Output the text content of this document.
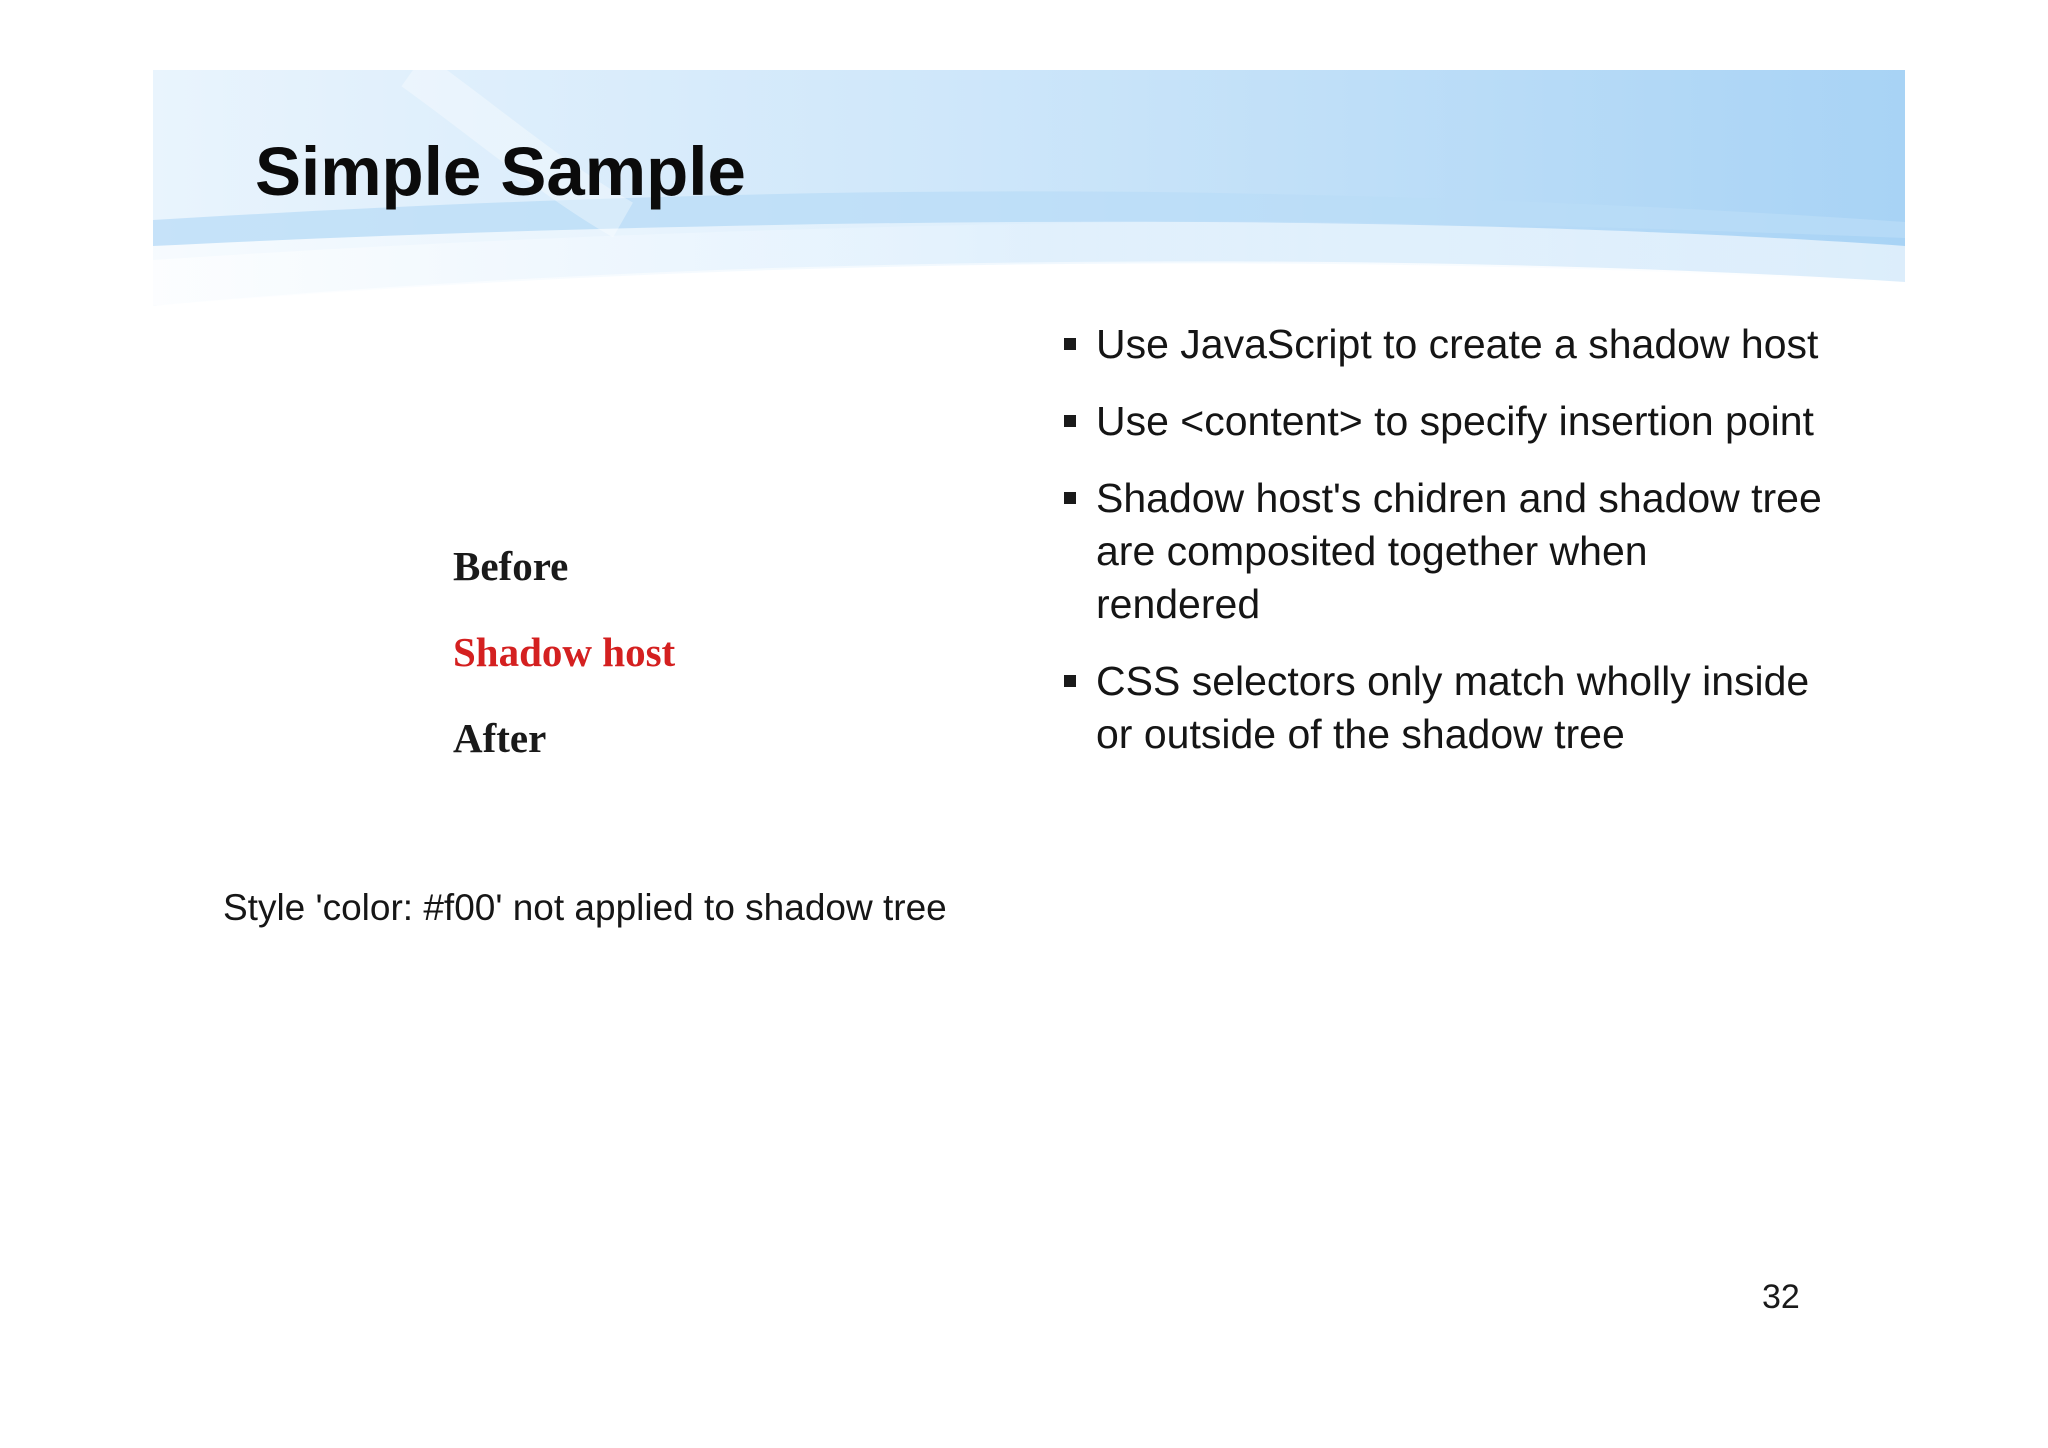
Simple Sample

Before

Shadow host

After

Style 'color: #f00' not applied to shadow tree

Use JavaScript to create a shadow host
Use <content> to specify insertion point
Shadow host's chidren and shadow tree are composited together when rendered
CSS selectors only match wholly inside or outside of the shadow tree

32
